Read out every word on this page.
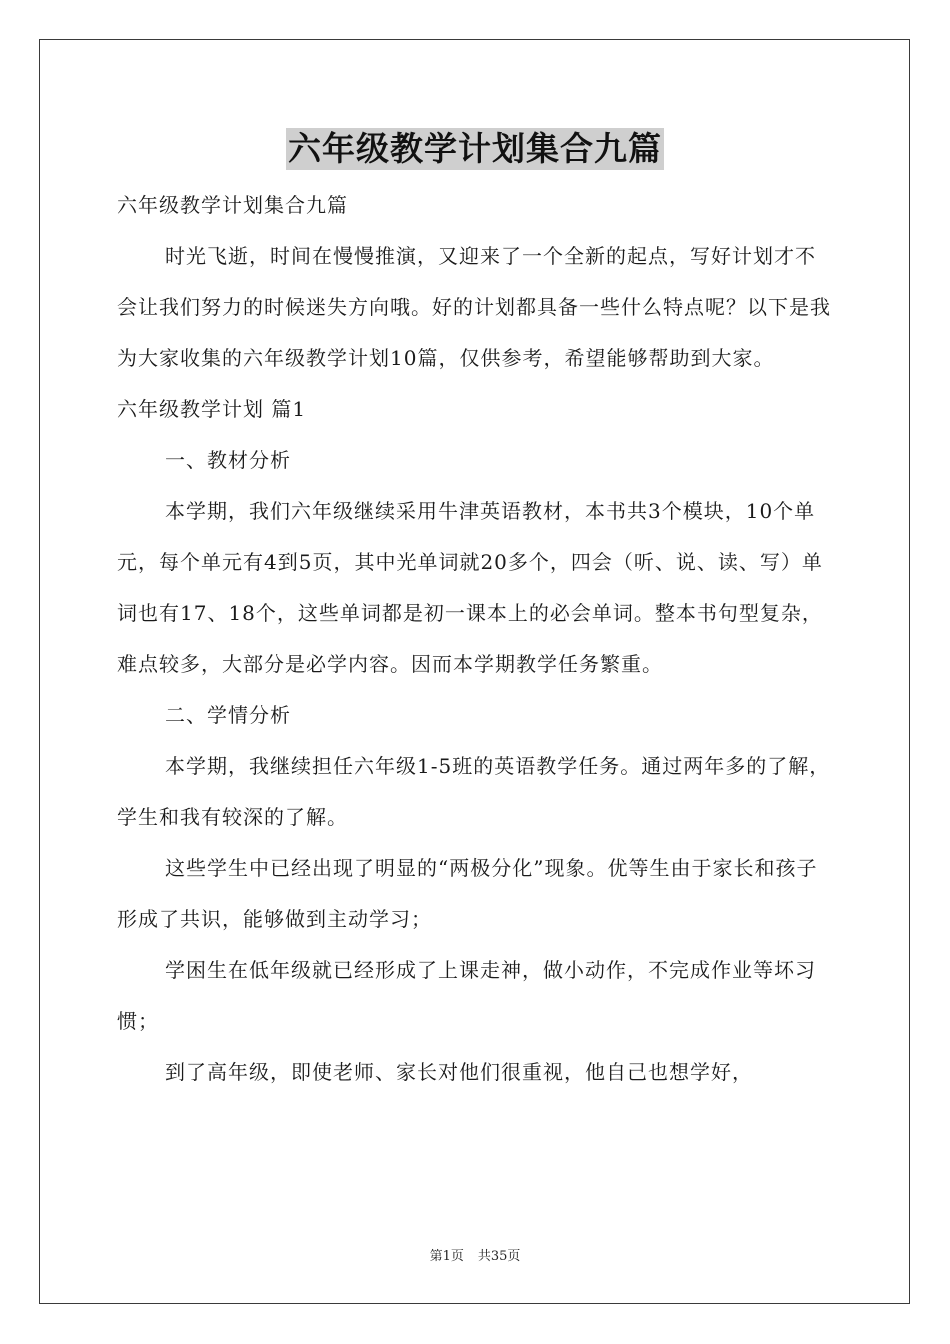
六年级教学计划集合九篇

六年级教学计划集合九篇

时光飞逝，时间在慢慢推演，又迎来了一个全新的起点，写好计划才不会让我们努力的时候迷失方向哦。好的计划都具备一些什么特点呢？以下是我为大家收集的六年级教学计划10篇，仅供参考，希望能够帮助到大家。

六年级教学计划 篇1

一、教材分析

本学期，我们六年级继续采用牛津英语教材，本书共3个模块，10个单元，每个单元有4到5页，其中光单词就20多个，四会（听、说、读、写）单词也有17、18个，这些单词都是初一课本上的必会单词。整本书句型复杂，难点较多，大部分是必学内容。因而本学期教学任务繁重。

二、学情分析

本学期，我继续担任六年级1-5班的英语教学任务。通过两年多的了解，学生和我有较深的了解。

这些学生中已经出现了明显的“两极分化”现象。优等生由于家长和孩子形成了共识，能够做到主动学习；

学困生在低年级就已经形成了上课走神，做小动作，不完成作业等坏习惯；

到了高年级，即使老师、家长对他们很重视，他自己也想学好，

第1页 共35页
